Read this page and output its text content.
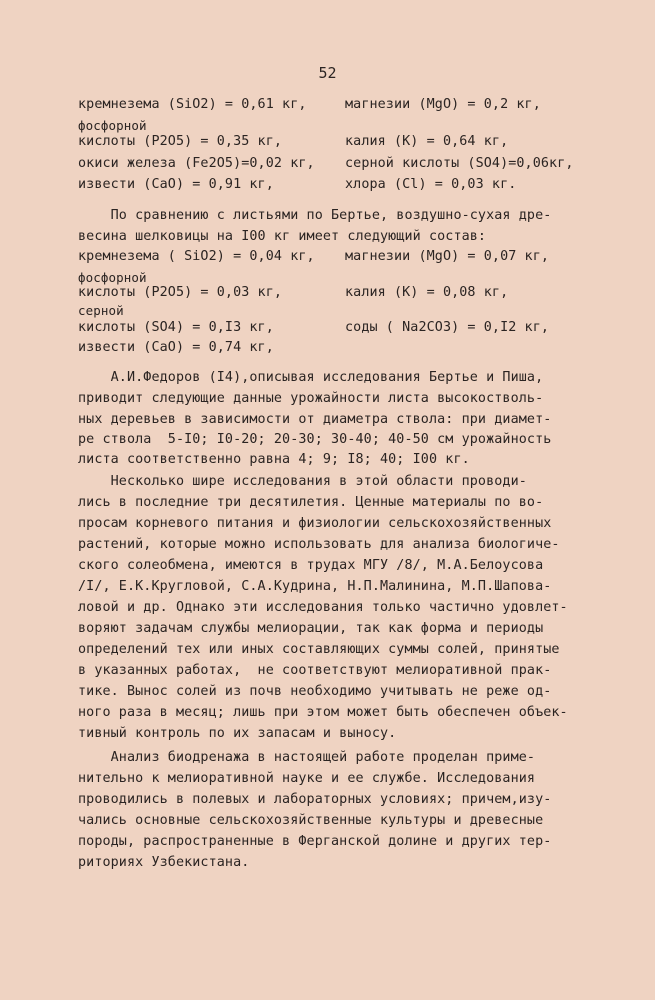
52
кремнезема (SiO2) = 0,61 кг,	магнезии (MgO) = 0,2 кг,
фосфорной
кислоты (P2O5) = 0,35 кг,	калия (К) = 0,64 кг,
окиси железа (Fe2O5)=0,02 кг, серной кислоты (SO4)=0,06кг,
извести (CaO) = 0,91 кг,	хлора (Cl) = 0,03 кг.
По сравнению с листьями по Бертье, воздушно-сухая дре-
весина шелковицы на I00 кг имеет следующий состав:
кремнезема ( SiO2) = 0,04 кг, магнезии (MgO) = 0,07 кг,
фосфорной
кислоты (P2O5) = 0,03 кг,	калия (К) = 0,08 кг,
серной
кислоты (SO4) = 0,I3 кг,	соды ( Na2CO3) = 0,I2 кг,
извести (CaO) = 0,74 кг,
А.И.Федоров (I4),описывая исследования Бертье и Пиша,
приводит следующие данные урожайности листа высокостволь-
ных деревьев в зависимости от диаметра ствола: при диамет-
ре ствола  5-I0; I0-20; 20-30; 30-40; 40-50 см урожайность
листа соответственно равна 4; 9; I8; 40; I00 кг.
Несколько шире исследования в этой области проводи-
лись в последние три десятилетия. Ценные материалы по во-
просам корневого питания и физиологии сельскохозяйственных
растений, которые можно использовать для анализа биологиче-
ского солеобмена, имеются в трудах МГУ /8/, М.А.Белоусова
/I/, Е.К.Кругловой, С.А.Кудрина, Н.П.Малинина, М.П.Шапова-
ловой и др. Однако эти исследования только частично удовлет-
воряют задачам службы мелиорации, так как форма и периоды
определений тех или иных составляющих суммы солей, принятые
в указанных работах,  не соответствуют мелиоративной прак-
тике. Вынос солей из почв необходимо учитывать не реже од-
ного раза в месяц; лишь при этом может быть обеспечен объек-
тивный контроль по их запасам и выносу.
Анализ биодренажа в настоящей работе проделан приме-
нительно к мелиоративной науке и ее службе. Исследования
проводились в полевых и лабораторных условиях; причем,изу-
чались основные сельскохозяйственные культуры и древесные
породы, распространенные в Ферганской долине и других тер-
риториях Узбекистана.
